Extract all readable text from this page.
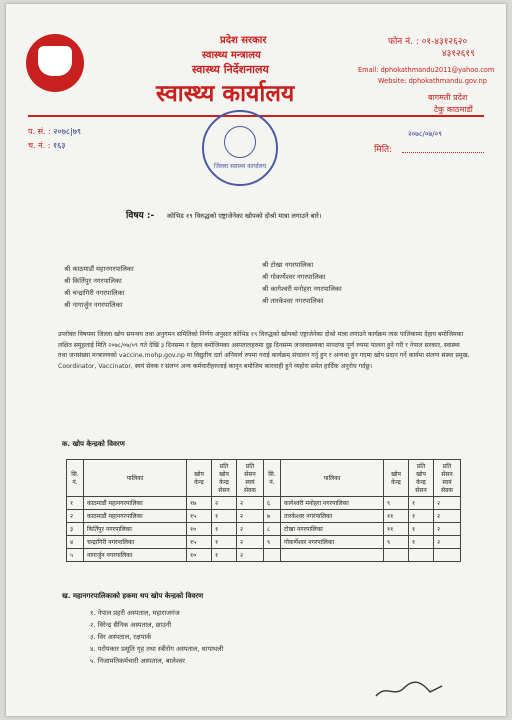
प्रदेश सरकार
स्वास्थ्य मन्त्रालय
स्वास्थ्य निर्देशनालय
स्वास्थ्य कार्यालय
फोन नं. : ०१-४३१२६२०
४३१२६१९
Email: dphokathmandu2011@yahoo.com
Website: dphokathmandu.gov.np
बागमती प्रदेश
टेकु काठमाडौं
प. सं. : २०७८|७९
च. नं. : १६३
२०७८/०७/०९
मिति:
जिल्ला स्वास्थ्य कार्यालय
विषय :- कोभिड १९ विरुद्धको एष्ट्राजेनेका खोपको दोश्रो मात्रा लगाउने बारे।
श्री काठमाडौं महानगरपालिका
श्री किर्तिपुर नगरपालिका
श्री चन्द्रागिरी नगरपालिका
श्री नागार्जुन नगरपालिका
श्री टोखा नगरपालिका
श्री गोकर्णेश्वर नगरपालिका
श्री कागेश्वरी मनोहरा नगरपालिका
श्री तारकेश्वर नगरपालिका
उपरोक्त विषयमा जिल्ला खोप समन्वय तथा अनुगमन समितिको निर्णय अनुसार कोभिड १९ विरुद्धको खोपको एष्ट्राजेनेका दोश्रो मात्रा लगाउने कार्यक्रम त्यस पालिकामा देहाय बमोजिमका लक्षित समूहलाई मिति २०७८/०७/०९ गते देखि ३ दिनसम्म र देहाय बमोजिमका अस्पतालहरुमा दुइ दिनसम्म जनस्वास्थ्यका मापदण्ड पूर्ण रुपमा पालना हुने गरी र नेपाल सरकार, स्वास्थ्य तथा जनसंख्या मन्त्रालयको vaccine.mohp.gov.np मा विद्युतीय दर्ता अनिवार्य रुपमा गराई कार्यक्रम संचालन गर्नु हुन र अन्यथा हुन गएमा खोप प्रदान गर्ने कार्यमा संलग्न संस्था प्रमुख, Coordinator, Vaccinator, स्वयं सेवक र संलग्न अन्य कर्मचारीहरुलाई कानुन बमोजिम कारवाही हुने व्यहोरा समेत हार्दिक अनुरोध गर्दछु।
क. खोप केन्द्रको विवरण
सि. नं.	पालिका	खोप केन्द्र	प्रति खोप केन्द्र सेसन	प्रति सेसन स्वयं सेवक	सि. नं.	पालिका	खोप केन्द्र	प्रति खोप केन्द्र सेसन	प्रति सेसन स्वयं सेवक
१	काठमाडौं महानगरपालिका	१७	२	२	६	कागेश्वरी मनोहरा नगरपालिका	९	१	२
२	काठमाडौं महानगरपालिका	१५	१	२	७	तारकेश्वर नगरपालिका	११	१	२
३	किर्तिपुर नगरपालिका	१०	१	२	८	टोखा नगरपालिका	११	१	२
४	चन्द्रागिरी नगरपालिका	१५	१	२	९	गोकर्णेश्वर नगरपालिका	९	१	२
५	नागार्जुन नगरपालिका	१०	१	२					
ख. महानगरपालिकाको हकमा थप खोप केन्द्रको विवरण
१. नेपाल प्रहरी अस्पताल, महाराजगंज
२. विरेन्द्र सैनिक अस्पताल, छाउनी
३. विर अस्पताल, रक्षपार्क
४. परोपकार प्रसूति गृह तथा स्त्रीरोग अस्पताल, थापाथली
५. निजामतिकर्मचारी अस्पताल, बालेश्वर
